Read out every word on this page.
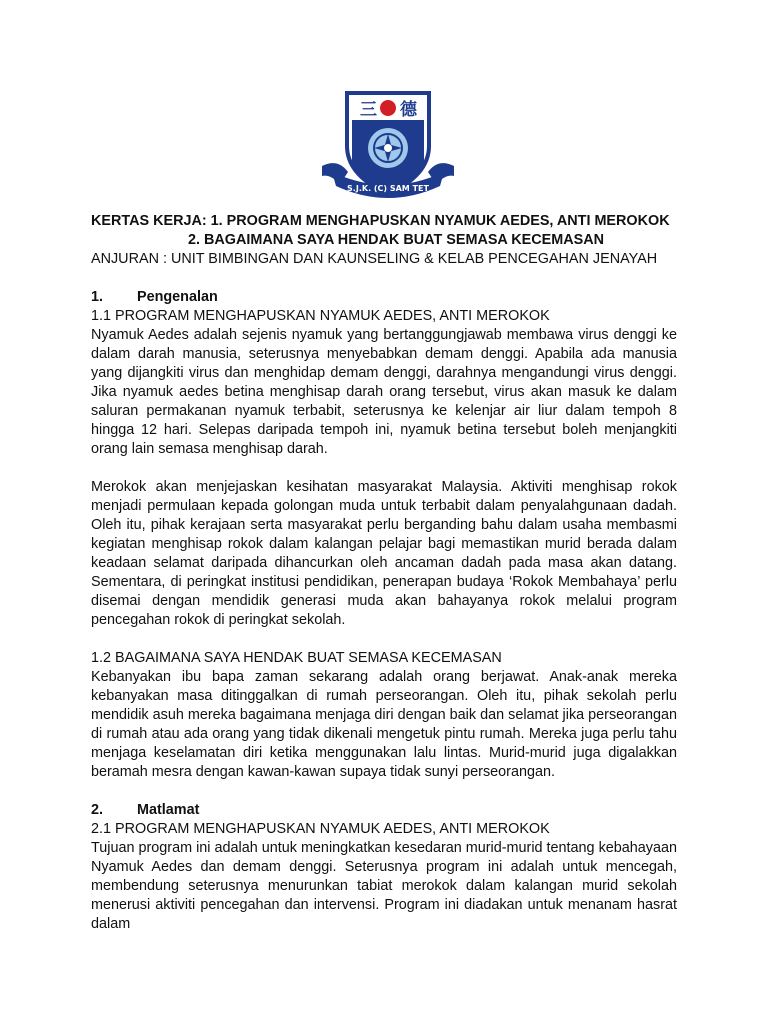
三 德
S.J.K. (C) SAM TET
KERTAS KERJA: 1. PROGRAM MENGHAPUSKAN NYAMUK AEDES, ANTI MEROKOK
2. BAGAIMANA SAYA HENDAK BUAT SEMASA KECEMASAN
ANJURAN : UNIT BIMBINGAN DAN KAUNSELING & KELAB PENCEGAHAN JENAYAH
1.	Pengenalan
1.1 PROGRAM MENGHAPUSKAN NYAMUK AEDES, ANTI MEROKOK

Nyamuk Aedes adalah sejenis nyamuk yang bertanggungjawab membawa virus denggi ke dalam darah manusia, seterusnya menyebabkan demam denggi. Apabila ada manusia yang dijangkiti virus dan menghidap demam denggi, darahnya mengandungi virus denggi. Jika nyamuk aedes betina menghisap darah orang tersebut, virus akan masuk ke dalam saluran permakanan nyamuk terbabit, seterusnya ke kelenjar air liur dalam tempoh 8 hingga 12 hari. Selepas daripada tempoh ini, nyamuk betina tersebut boleh menjangkiti orang lain semasa menghisap darah.

Merokok akan menjejaskan kesihatan masyarakat Malaysia. Aktiviti menghisap rokok menjadi permulaan kepada golongan muda untuk terbabit dalam penyalahgunaan dadah. Oleh itu, pihak kerajaan serta masyarakat perlu berganding bahu dalam usaha membasmi kegiatan menghisap rokok dalam kalangan pelajar bagi memastikan murid berada dalam keadaan selamat daripada dihancurkan oleh ancaman dadah pada masa akan datang. Sementara, di peringkat institusi pendidikan, penerapan budaya ‘Rokok Membahaya’ perlu disemai dengan mendidik generasi muda akan bahayanya rokok melalui program pencegahan rokok di peringkat sekolah.

1.2 BAGAIMANA SAYA HENDAK BUAT SEMASA KECEMASAN

Kebanyakan ibu bapa zaman sekarang adalah orang berjawat. Anak-anak mereka kebanyakan masa ditinggalkan di rumah perseorangan. Oleh itu, pihak sekolah perlu mendidik asuh mereka bagaimana menjaga diri dengan baik dan selamat jika perseorangan di rumah atau ada orang yang tidak dikenali mengetuk pintu rumah. Mereka juga perlu tahu menjaga keselamatan diri ketika menggunakan lalu lintas. Murid-murid juga digalakkan beramah mesra dengan kawan-kawan supaya tidak sunyi perseorangan.

2.	Matlamat
2.1 PROGRAM MENGHAPUSKAN NYAMUK AEDES, ANTI MEROKOK

Tujuan program ini adalah untuk meningkatkan kesedaran murid-murid tentang kebahayaan Nyamuk Aedes dan demam denggi. Seterusnya program ini adalah untuk mencegah, membendung seterusnya menurunkan tabiat merokok dalam kalangan murid sekolah menerusi aktiviti pencegahan dan intervensi. Program ini diadakan untuk menanam hasrat dalam
